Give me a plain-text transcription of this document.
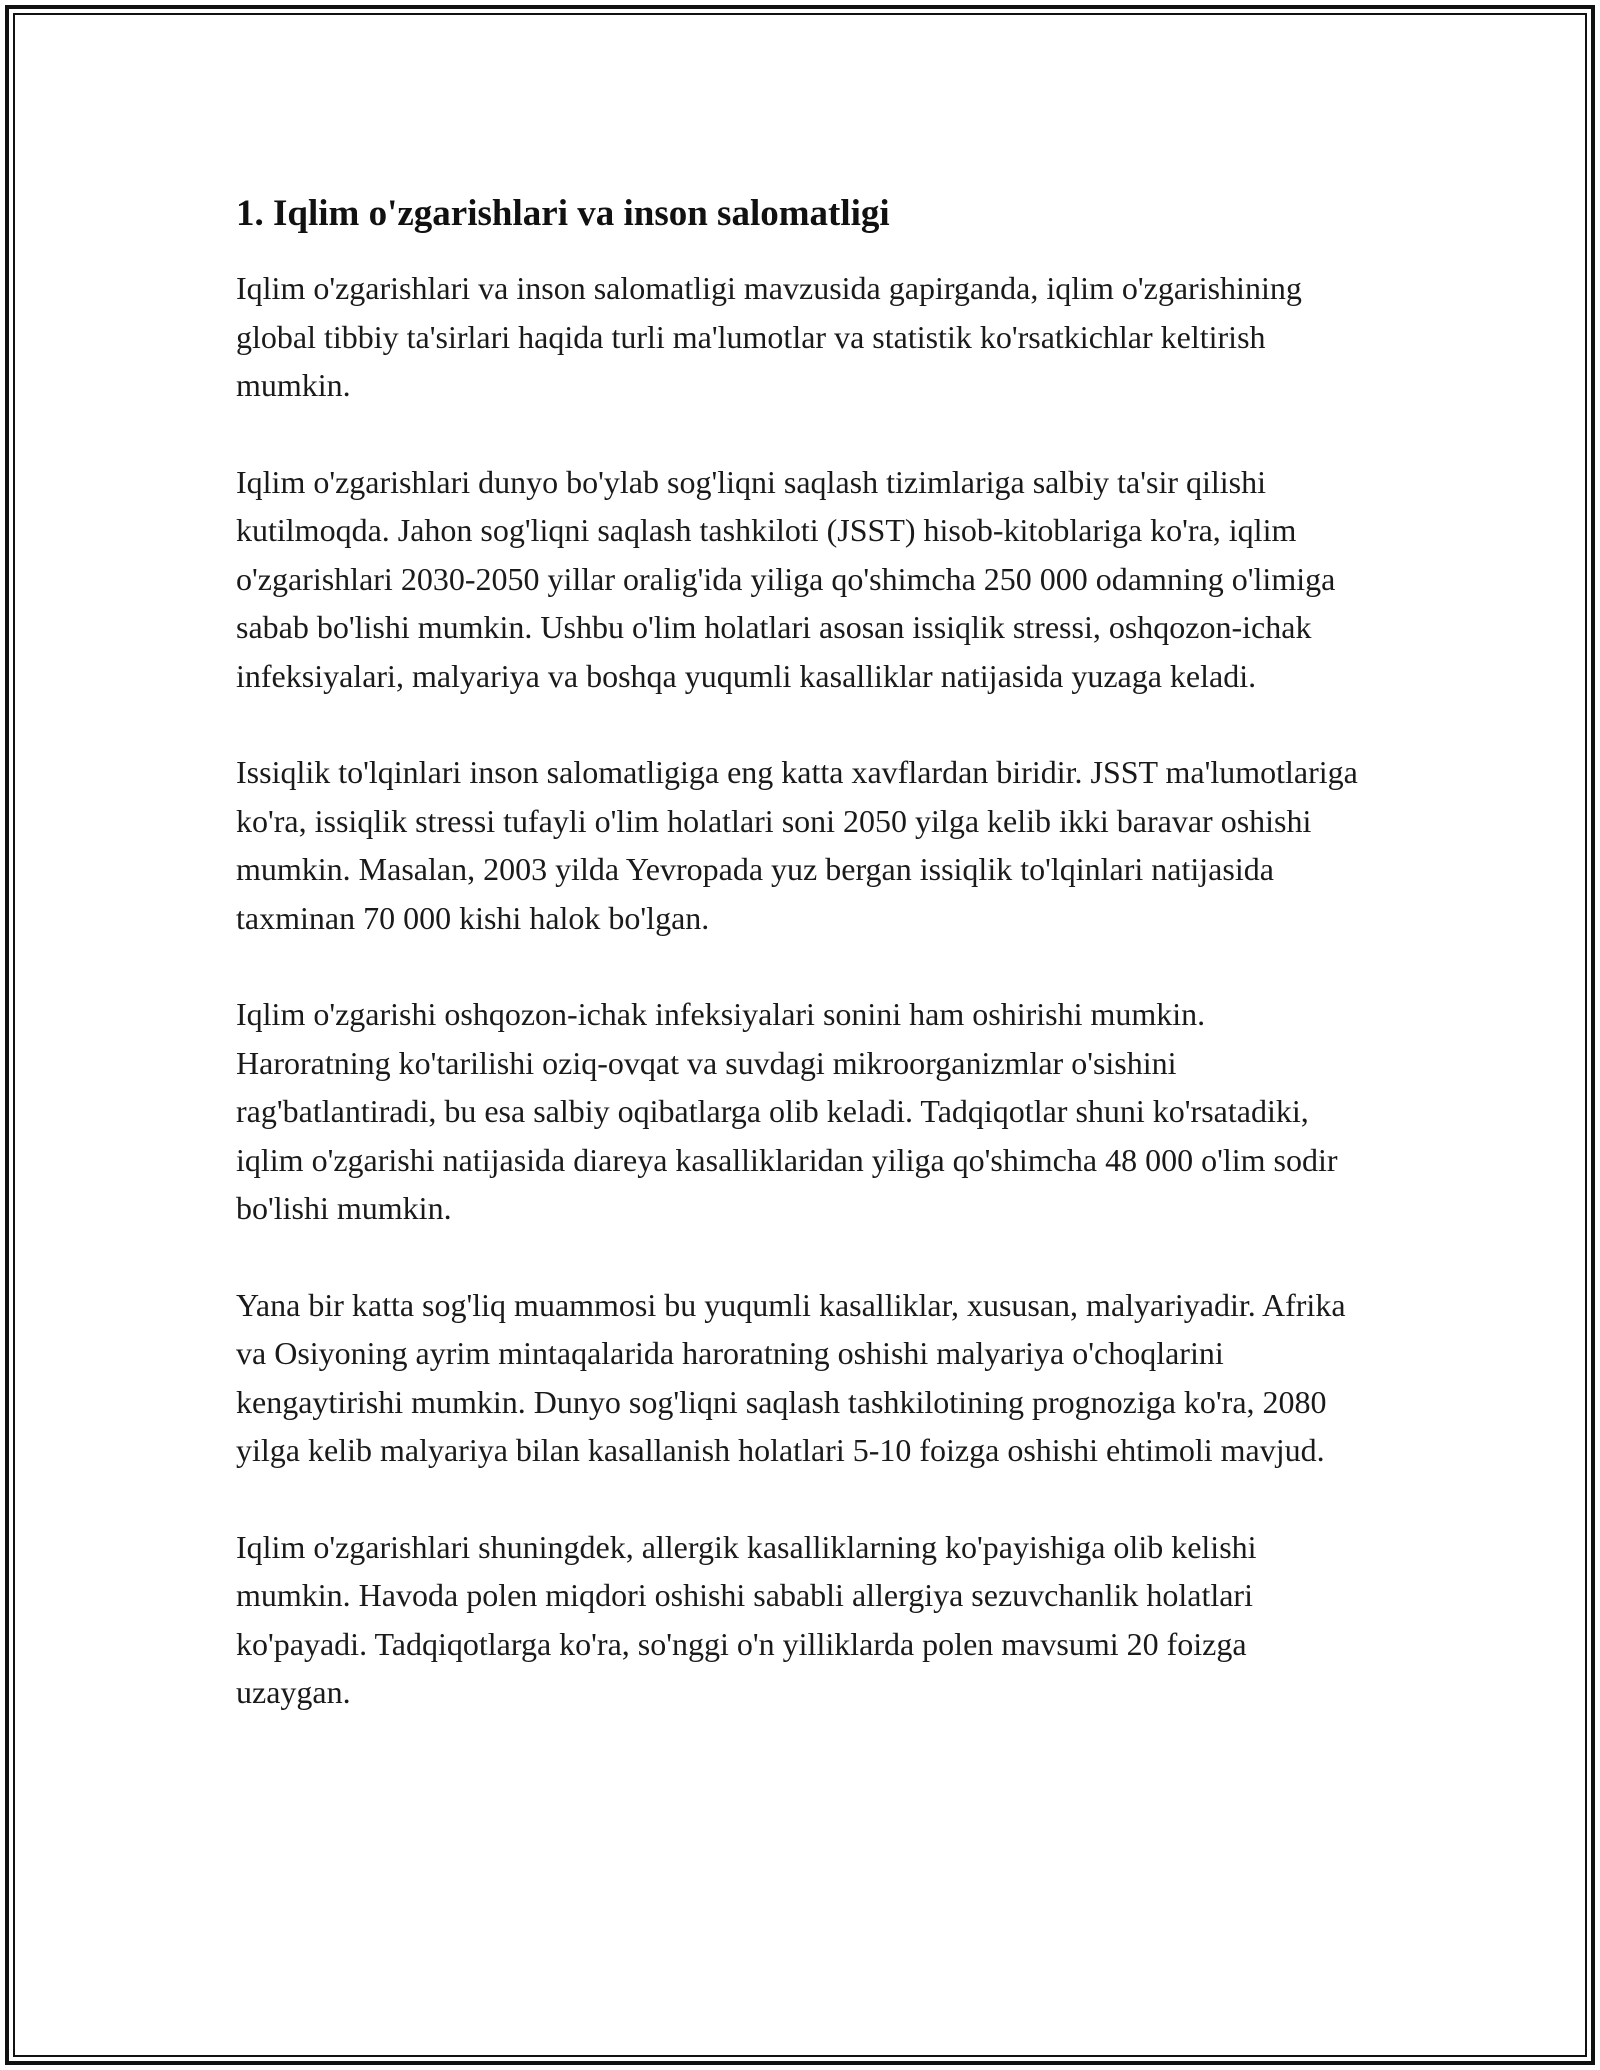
1. Iqlim o'zgarishlari va inson salomatligi

Iqlim o'zgarishlari va inson salomatligi mavzusida gapirganda, iqlim o'zgarishining global tibbiy ta'sirlari haqida turli ma'lumotlar va statistik ko'rsatkichlar keltirish mumkin.

Iqlim o'zgarishlari dunyo bo'ylab sog'liqni saqlash tizimlariga salbiy ta'sir qilishi kutilmoqda. Jahon sog'liqni saqlash tashkiloti (JSST) hisob-kitoblariga ko'ra, iqlim o'zgarishlari 2030-2050 yillar oralig'ida yiliga qo'shimcha 250 000 odamning o'limiga sabab bo'lishi mumkin. Ushbu o'lim holatlari asosan issiqlik stressi, oshqozon-ichak infeksiyalari, malyariya va boshqa yuqumli kasalliklar natijasida yuzaga keladi.

Issiqlik to'lqinlari inson salomatligiga eng katta xavflardan biridir. JSST ma'lumotlariga ko'ra, issiqlik stressi tufayli o'lim holatlari soni 2050 yilga kelib ikki baravar oshishi mumkin. Masalan, 2003 yilda Yevropada yuz bergan issiqlik to'lqinlari natijasida taxminan 70 000 kishi halok bo'lgan.

Iqlim o'zgarishi oshqozon-ichak infeksiyalari sonini ham oshirishi mumkin. Haroratning ko'tarilishi oziq-ovqat va suvdagi mikroorganizmlar o'sishini rag'batlantiradi, bu esa salbiy oqibatlarga olib keladi. Tadqiqotlar shuni ko'rsatadiki, iqlim o'zgarishi natijasida diareya kasalliklaridan yiliga qo'shimcha 48 000 o'lim sodir bo'lishi mumkin.

Yana bir katta sog'liq muammosi bu yuqumli kasalliklar, xususan, malyariyadir. Afrika va Osiyoning ayrim mintaqalarida haroratning oshishi malyariya o'choqlarini kengaytirishi mumkin. Dunyo sog'liqni saqlash tashkilotining prognoziga ko'ra, 2080 yilga kelib malyariya bilan kasallanish holatlari 5-10 foizga oshishi ehtimoli mavjud.

Iqlim o'zgarishlari shuningdek, allergik kasalliklarning ko'payishiga olib kelishi mumkin. Havoda polen miqdori oshishi sababli allergiya sezuvchanlik holatlari ko'payadi. Tadqiqotlarga ko'ra, so'nggi o'n yilliklarda polen mavsumi 20 foizga uzaygan.
